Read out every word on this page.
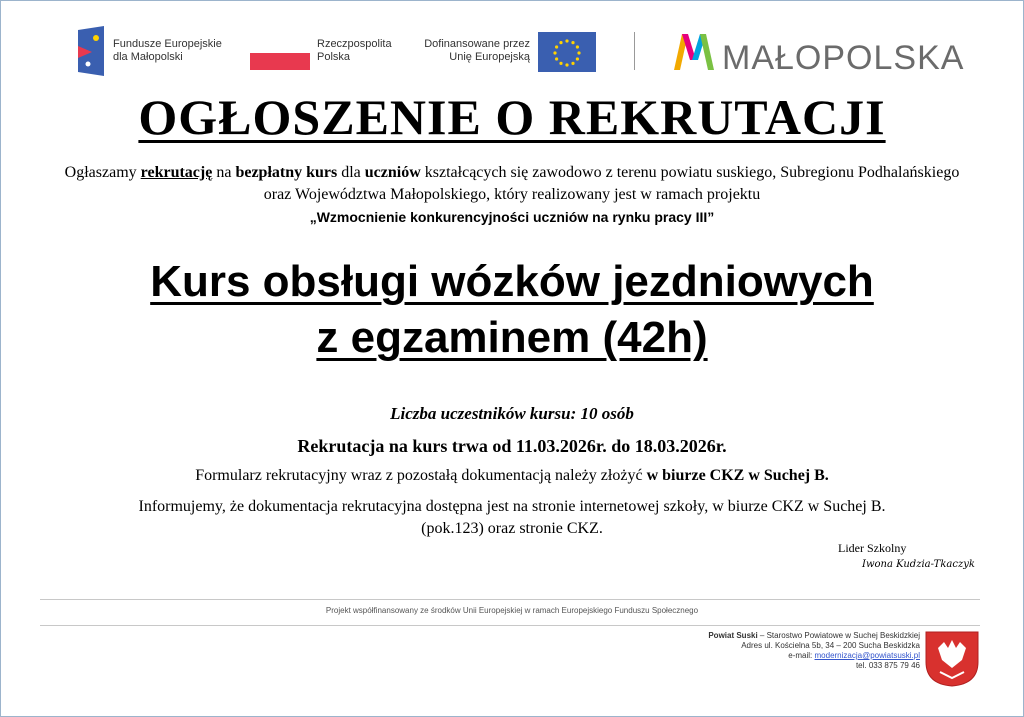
Fundusze Europejskie
dla Małopolski
Rzeczpospolita
Polska
Dofinansowane przez
Unię Europejską	MAŁOPOLSKA
OGŁOSZENIE O REKRUTACJI
Ogłaszamy rekrutację na bezpłatny kurs dla uczniów kształcących się zawodowo z terenu powiatu suskiego, Subregionu Podhalańskiego oraz Województwa Małopolskiego, który realizowany jest w ramach projektu
„Wzmocnienie konkurencyjności uczniów na rynku pracy III”
Kurs obsługi wózków jezdniowych
z egzaminem (42h)
Liczba uczestników kursu: 10 osób
Rekrutacja na kurs trwa od 11.03.2026r. do 18.03.2026r.
Formularz rekrutacyjny wraz z pozostałą dokumentacją należy złożyć w biurze CKZ w Suchej B.
Informujemy, że dokumentacja rekrutacyjna dostępna jest na stronie internetowej szkoły, w biurze CKZ w Suchej B.
(pok.123) oraz stronie CKZ.
Lider Szkolny
Iwona Kudzia-Tkaczyk
Projekt współfinansowany ze środków Unii Europejskiej w ramach Europejskiego Funduszu Społecznego
Powiat Suski – Starostwo Powiatowe w Suchej Beskidzkiej
Adres ul. Kościelna 5b, 34 – 200 Sucha Beskidzka
e-mail: modernizacja@powiatsuski.pl
tel. 033 875 79 46
